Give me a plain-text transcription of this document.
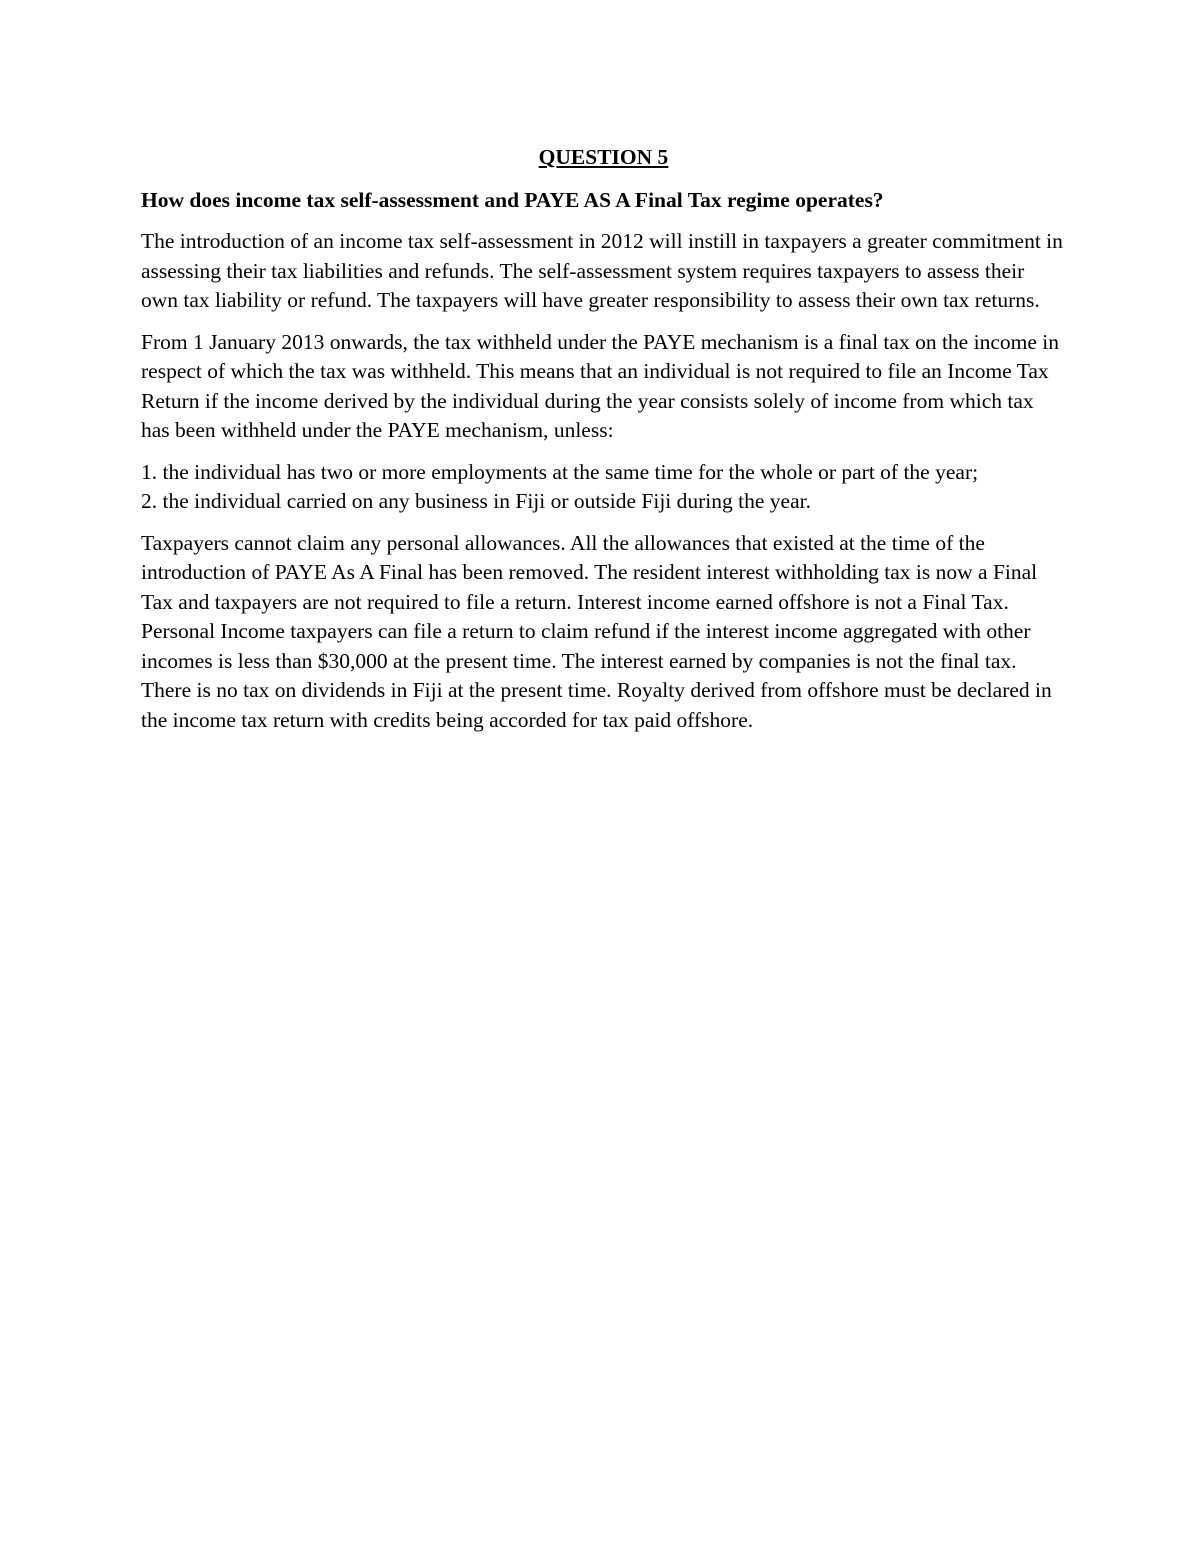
QUESTION 5

How does income tax self-assessment and PAYE AS A Final Tax regime operates?

The introduction of an income tax self-assessment in 2012 will instill in taxpayers a greater commitment in assessing their tax liabilities and refunds. The self-assessment system requires taxpayers to assess their own tax liability or refund. The taxpayers will have greater responsibility to assess their own tax returns.

From 1 January 2013 onwards, the tax withheld under the PAYE mechanism is a final tax on the income in respect of which the tax was withheld. This means that an individual is not required to file an Income Tax Return if the income derived by the individual during the year consists solely of income from which tax has been withheld under the PAYE mechanism, unless:

1. the individual has two or more employments at the same time for the whole or part of the year;
2. the individual carried on any business in Fiji or outside Fiji during the year.

Taxpayers cannot claim any personal allowances. All the allowances that existed at the time of the introduction of PAYE As A Final has been removed. The resident interest withholding tax is now a Final Tax and taxpayers are not required to file a return. Interest income earned offshore is not a Final Tax. Personal Income taxpayers can file a return to claim refund if the interest income aggregated with other incomes is less than $30,000 at the present time. The interest earned by companies is not the final tax. There is no tax on dividends in Fiji at the present time. Royalty derived from offshore must be declared in the income tax return with credits being accorded for tax paid offshore.
